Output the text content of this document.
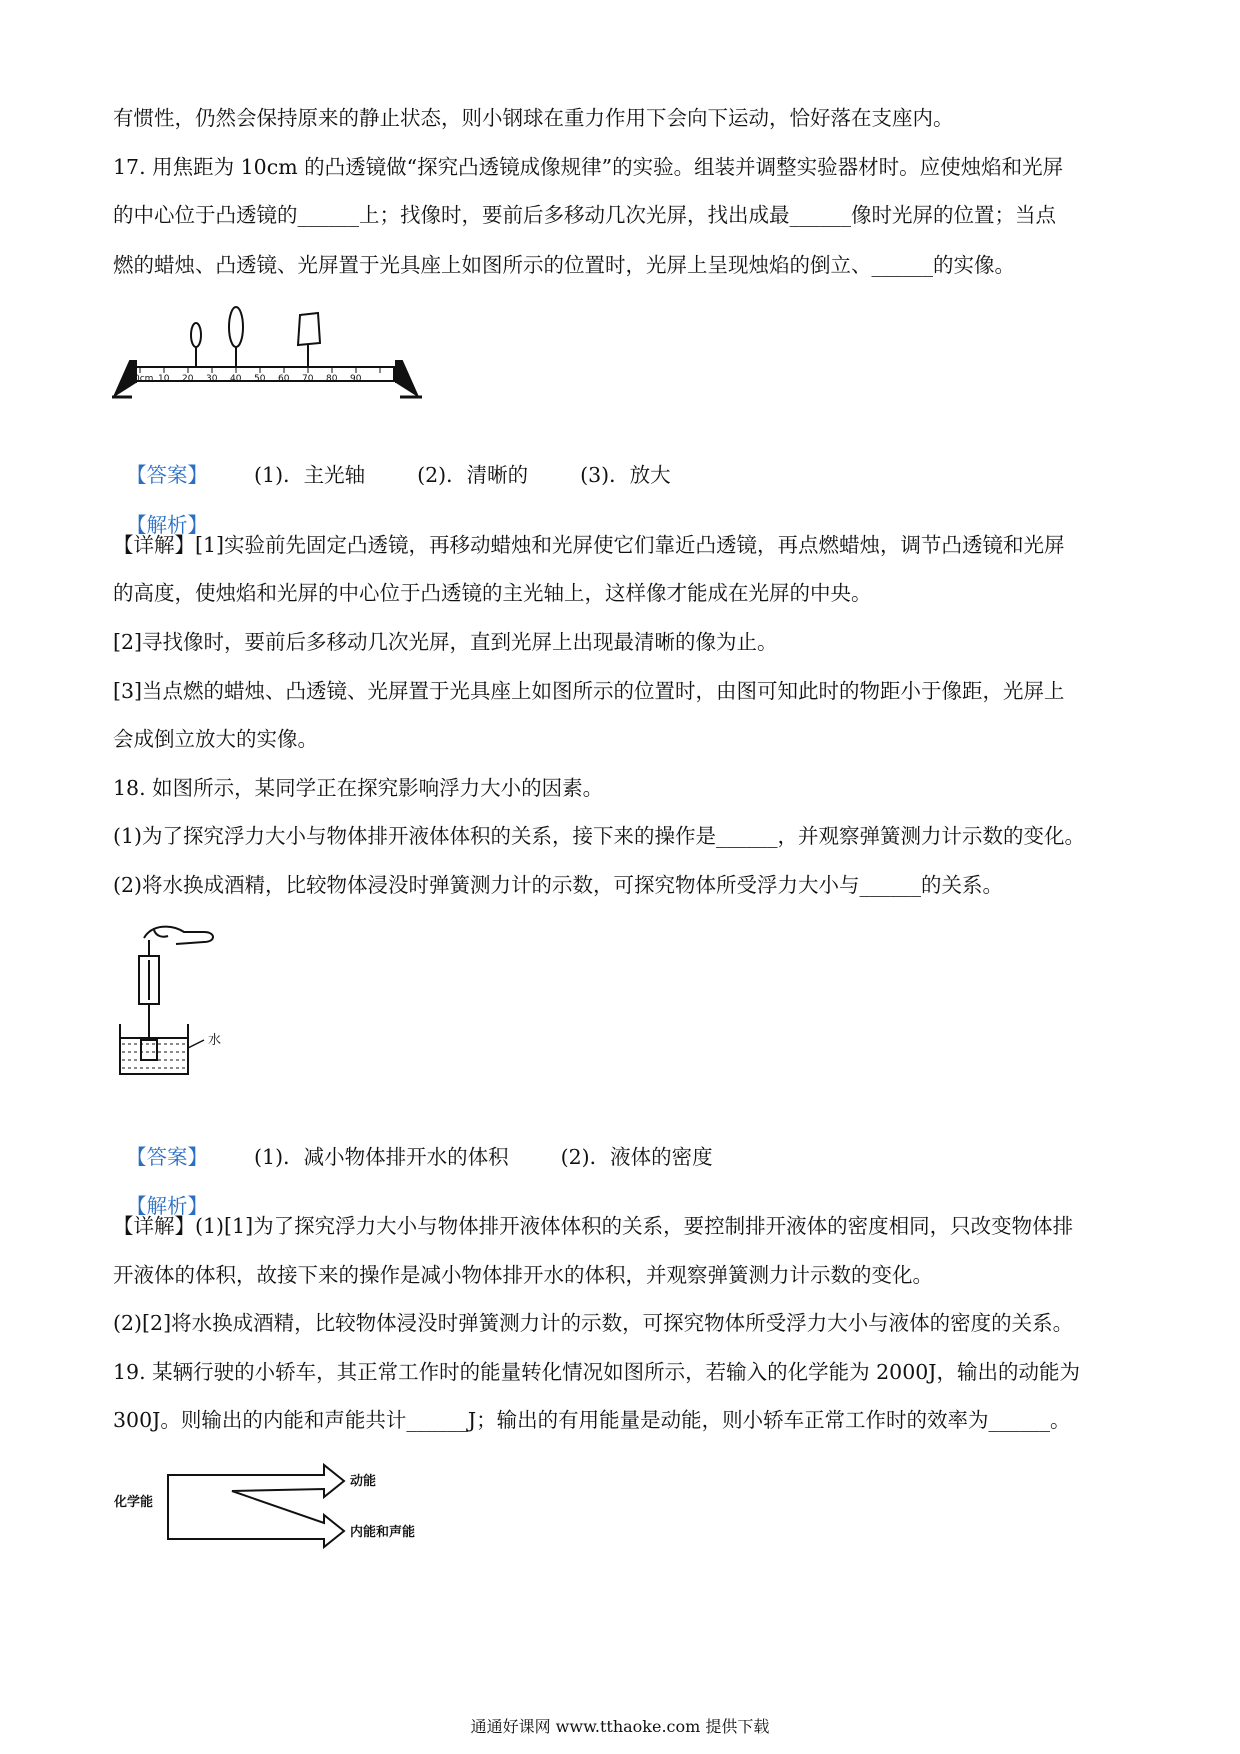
有惯性，仍然会保持原来的静止状态，则小钢球在重力作用下会向下运动，恰好落在支座内。
17. 用焦距为 10cm 的凸透镜做“探究凸透镜成像规律”的实验。组装并调整实验器材时。应使烛焰和光屏
的中心位于凸透镜的______上；找像时，要前后多移动几次光屏，找出成最______像时光屏的位置；当点
燃的蜡烛、凸透镜、光屏置于光具座上如图所示的位置时，光屏上呈现烛焰的倒立、______的实像。
0cm 10 20 30 40 50 60 70 80 90

【答案】 (1)．主光轴	(2)．清晰的	(3)．放大

【解析】

【详解】[1]实验前先固定凸透镜，再移动蜡烛和光屏使它们靠近凸透镜，再点燃蜡烛，调节凸透镜和光屏
的高度，使烛焰和光屏的中心位于凸透镜的主光轴上，这样像才能成在光屏的中央。
[2]寻找像时，要前后多移动几次光屏，直到光屏上出现最清晰的像为止。
[3]当点燃的蜡烛、凸透镜、光屏置于光具座上如图所示的位置时，由图可知此时的物距小于像距，光屏上
会成倒立放大的实像。
18. 如图所示，某同学正在探究影响浮力大小的因素。
(1)为了探究浮力大小与物体排开液体体积的关系，接下来的操作是______，并观察弹簧测力计示数的变化。
(2)将水换成酒精，比较物体浸没时弹簧测力计的示数，可探究物体所受浮力大小与______的关系。
水

【答案】 (1)．减小物体排开水的体积	(2)．液体的密度

【解析】

【详解】(1)[1]为了探究浮力大小与物体排开液体体积的关系，要控制排开液体的密度相同，只改变物体排
开液体的体积，故接下来的操作是减小物体排开水的体积，并观察弹簧测力计示数的变化。
(2)[2]将水换成酒精，比较物体浸没时弹簧测力计的示数，可探究物体所受浮力大小与液体的密度的关系。
19. 某辆行驶的小轿车，其正常工作时的能量转化情况如图所示，若输入的化学能为 2000J，输出的动能为
300J。则输出的内能和声能共计______J；输出的有用能量是动能，则小轿车正常工作时的效率为______。
化学能
动能
内能和声能
通通好课网 www.tthaoke.com 提供下载
